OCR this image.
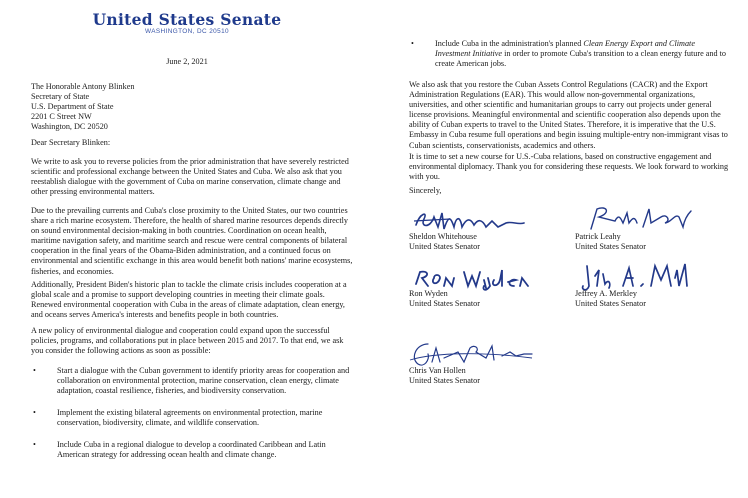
United States Senate
WASHINGTON, DC 20510
June 2, 2021
The Honorable Antony Blinken
Secretary of State
U.S. Department of State
2201 C Street NW
Washington, DC 20520
Dear Secretary Blinken:

We write to ask you to reverse policies from the prior administration that have severely restricted scientific and professional exchange between the United States and Cuba. We also ask that you reestablish dialogue with the government of Cuba on marine conservation, climate change and other pressing environmental matters.

Due to the prevailing currents and Cuba's close proximity to the United States, our two countries share a rich marine ecosystem. Therefore, the health of shared marine resources depends directly on sound environmental decision-making in both countries. Coordination on ocean health, maritime navigation safety, and maritime search and rescue were central components of bilateral cooperation in the final years of the Obama-Biden administration, and a continued focus on environmental and scientific exchange in this area would benefit both nations' marine ecosystems, fisheries, and economies.

Additionally, President Biden's historic plan to tackle the climate crisis includes cooperation at a global scale and a promise to support developing countries in meeting their climate goals. Renewed environmental cooperation with Cuba in the areas of climate adaptation, clean energy, and oceans serves America's interests and benefits people in both countries.

A new policy of environmental dialogue and cooperation could expand upon the successful policies, programs, and collaborations put in place between 2015 and 2017. To that end, we ask you consider the following actions as soon as possible:

•	Start a dialogue with the Cuban government to identify priority areas for cooperation and collaboration on environmental protection, marine conservation, clean energy, climate adaptation, coastal resilience, fisheries, and biodiversity conservation.
•	Implement the existing bilateral agreements on environmental protection, marine conservation, biodiversity, climate, and wildlife conservation.
•	Include Cuba in a regional dialogue to develop a coordinated Caribbean and Latin American strategy for addressing ocean health and climate change.
•	Include Cuba in the administration's planned Clean Energy Export and Climate Investment Initiative in order to promote Cuba's transition to a clean energy future and to create American jobs.

We also ask that you restore the Cuban Assets Control Regulations (CACR) and the Export Administration Regulations (EAR). This would allow non-governmental organizations, universities, and other scientific and humanitarian groups to carry out projects under general license provisions. Meaningful environmental and scientific cooperation also depends upon the ability of Cuban experts to travel to the United States. Therefore, it is imperative that the U.S. Embassy in Cuba resume full operations and begin issuing multiple-entry non-immigrant visas to Cuban scientists, conservationists, academics and others.

It is time to set a new course for U.S.-Cuba relations, based on constructive engagement and environmental diplomacy. Thank you for considering these requests. We look forward to working with you.

Sincerely,
Sheldon Whitehouse
United States Senator
Patrick Leahy
United States Senator
Ron Wyden
United States Senator
Jeffrey A. Merkley
United States Senator
Chris Van Hollen
United States Senator
